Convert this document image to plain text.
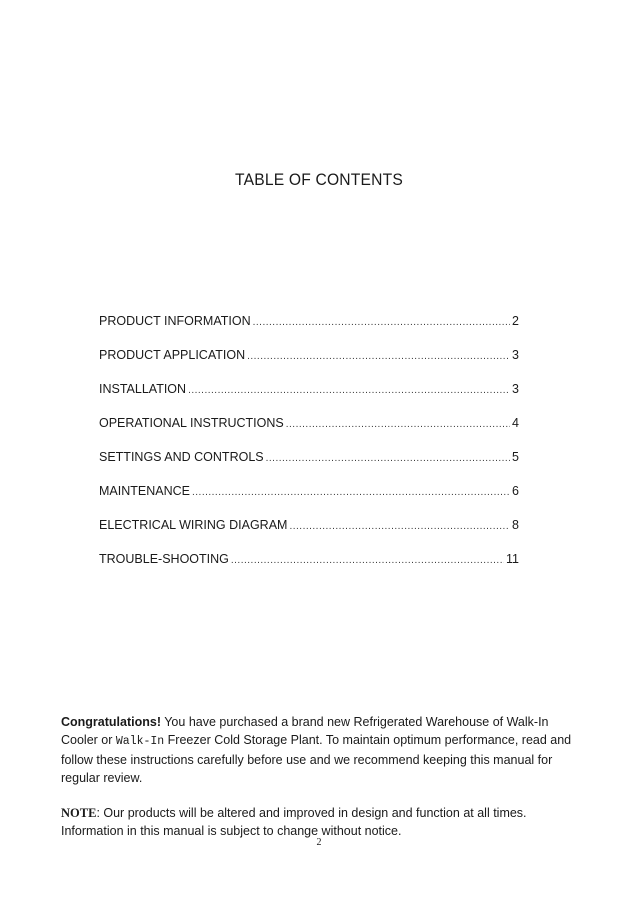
TABLE OF CONTENTS
PRODUCT INFORMATION .....	2
PRODUCT APPLICATION .....	3
INSTALLATION .....	3
OPERATIONAL INSTRUCTIONS .....	4
SETTINGS AND CONTROLS .....	5
MAINTENANCE .....	6
ELECTRICAL WIRING DIAGRAM .....	8
TROUBLE-SHOOTING .....	11

Congratulations! You have purchased a brand new Refrigerated Warehouse of Walk-In Cooler or Walk-In Freezer Cold Storage Plant. To maintain optimum performance, read and follow these instructions carefully before use and we recommend keeping this manual for regular review.

NOTE: Our products will be altered and improved in design and function at all times. Information in this manual is subject to change without notice.

2
